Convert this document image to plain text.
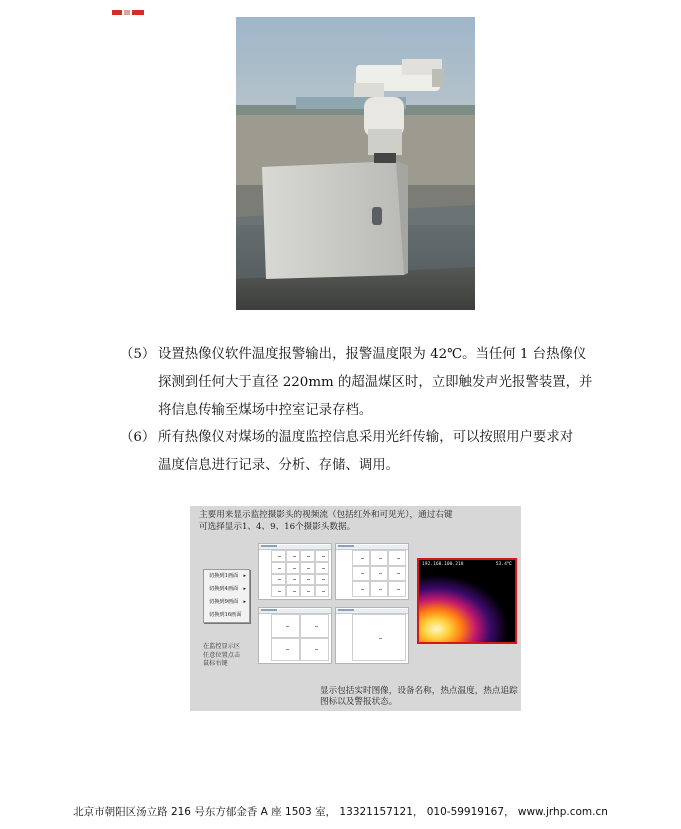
（5） 设置热像仪软件温度报警输出，报警温度限为 42℃。当任何 1 台热像仪
探测到任何大于直径 220mm 的超温煤区时，立即触发声光报警装置，并
将信息传输至煤场中控室记录存档。
（6） 所有热像仪对煤场的温度监控信息采用光纤传输，可以按照用户要求对
温度信息进行记录、分析、存储、调用。
主要用来显示监控摄影头的视频流（包括红外和可见光），通过右键
可选择显示1、4、9、16个摄影头数据。
切换到1画面 ▸
切换到4画面 ▸
切换到9画面 ▸
切换到16画面
在监控显示区
任意位置点击
鼠标右键
192.168.100.218	53.4℃
显示包括实时图像，设备名称，热点温度，热点追踪
图标以及警报状态。
北京市朝阳区汤立路 216 号东方郁金香 A 座 1503 室， 13321157121， 010-59919167， www.jrhp.com.cn
